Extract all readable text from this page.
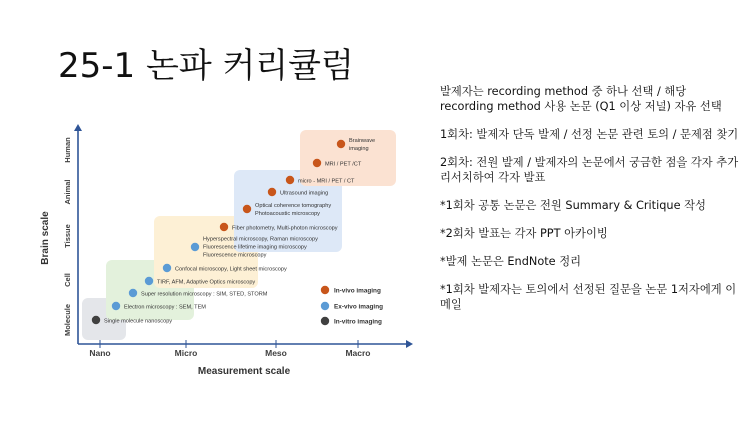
25-1 논파 커리큘럼

발제자는 recording method 중 하나 선택 / 해당 recording method 사용 논문 (Q1 이상 저널) 자유 선택

1회차: 발제자 단독 발제 / 선정 논문 관련 토의 / 문제점 찾기

2회차: 전원 발제 / 발제자의 논문에서 궁금한 점을 각자 추가 리서치하여 각자 발표

*1회차 공통 논문은 전원 Summary & Critique 작성

*2회차 발표는 각자 PPT 아카이빙

*발제 논문은 EndNote 정리

*1회차 발제자는 토의에서 선정된 질문을 논문 1저자에게 이메일

Nano	Micro	Meso	Macro
Measurement scale
Molecule
Cell
Tissue
Animal
Human
Brain scale
Single molecule nanoscopy
Electron microscopy : SEM, TEM
Super resolution microscopy : SIM, STED, STORM
TIRF, AFM, Adaptive Optics microscopy
Confocal microscopy, Light sheet microscopy
Hyperspectral microscopy, Raman microscopy Fluorescence lifetime imaging microscopy Fluorescence microscopy
Fiber photometry, Multi-photon microscopy
Optical coherence tomography Photoacoustic microscopy
Ultrasound imaging
micro - MRI / PET / CT
MRI / PET /CT
Brainwave imaging
In-vivo imaging
Ex-vivo imaging
In-vitro imaging
